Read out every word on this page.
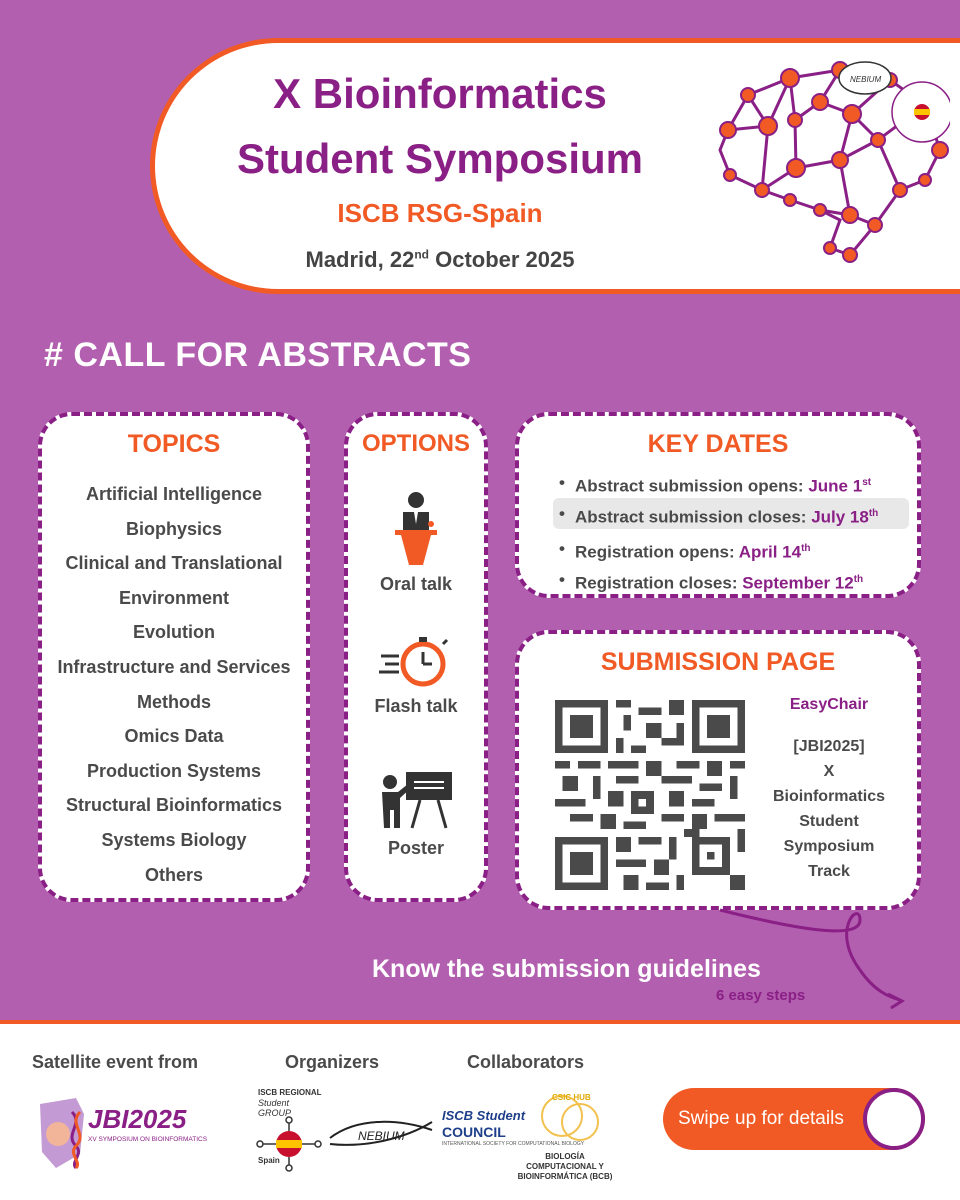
X Bioinformatics
Student Symposium
ISCB RSG-Spain
Madrid, 22nd October 2025
NEBIUM
# CALL FOR ABSTRACTS
TOPICS
Artificial Intelligence
Biophysics
Clinical and Translational
Environment
Evolution
Infrastructure and Services
Methods
Omics Data
Production Systems
Structural Bioinformatics
Systems Biology
Others
OPTIONS
Oral talk
Flash talk
Poster
KEY DATES
• Abstract submission opens: June 1st
• Abstract submission closes: July 18th
• Registration opens: April 14th
• Registration closes: September 12th
SUBMISSION PAGE
EasyChair
[JBI2025]
X
Bioinformatics
Student
Symposium
Track
Know the submission guidelines
6 easy steps
Satellite event from	Organizers	Collaborators
JBI2025
XV SYMPOSIUM ON BIOINFORMATICS
ISCB REGIONAL
Student
GROUP
Spain
NEBIUM
ISCB Student
COUNCIL
INTERNATIONAL SOCIETY FOR COMPUTATIONAL BIOLOGY
CSIC HUB
BIOLOGÍA
COMPUTACIONAL Y
BIOINFORMÁTICA (BCB)
Swipe up for details
